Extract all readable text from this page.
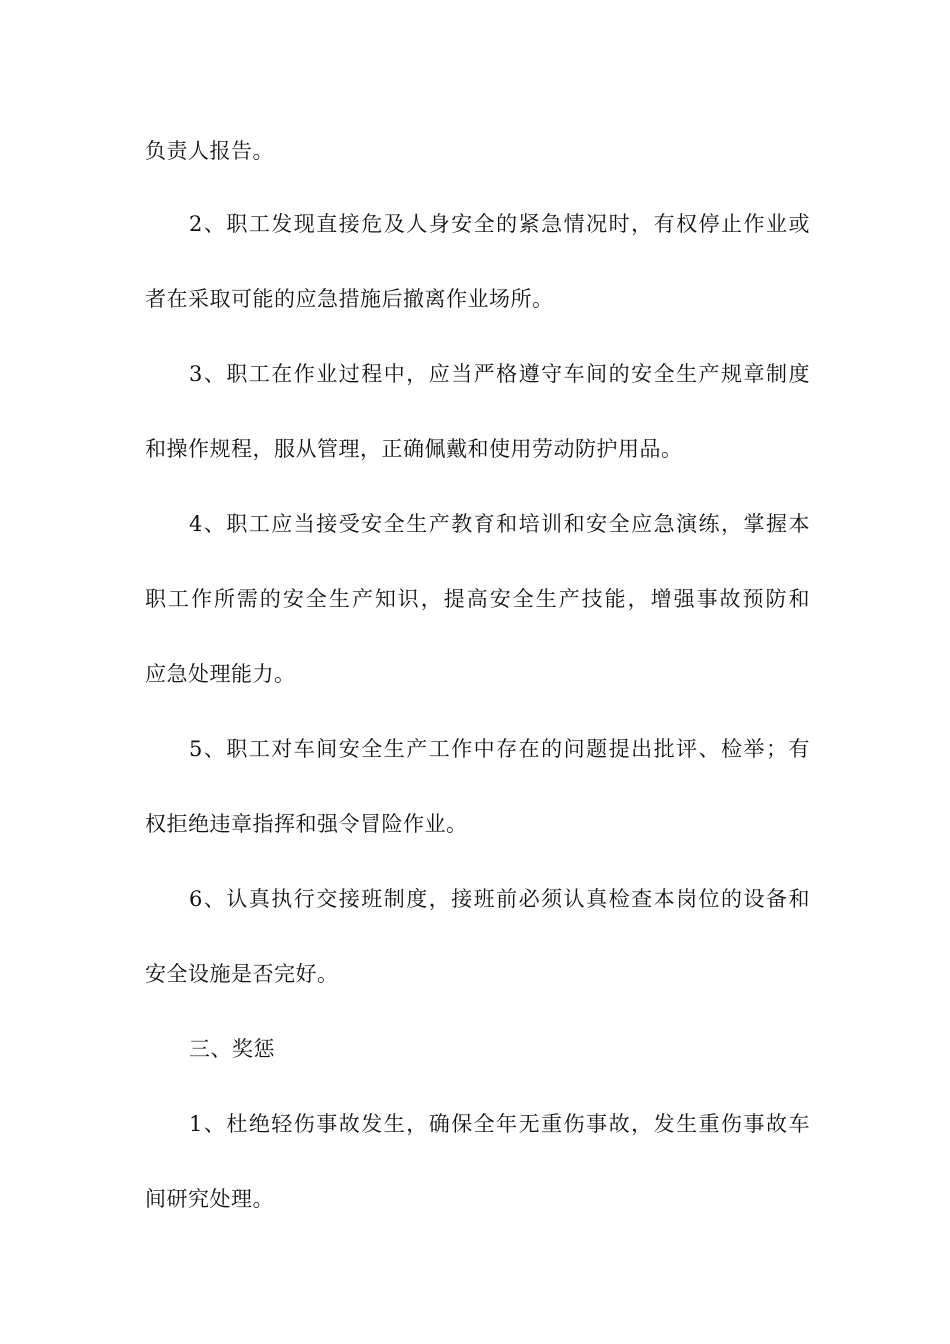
负责人报告。
2、职工发现直接危及人身安全的紧急情况时，有权停止作业或
者在采取可能的应急措施后撤离作业场所。
3、职工在作业过程中，应当严格遵守车间的安全生产规章制度
和操作规程，服从管理，正确佩戴和使用劳动防护用品。
4、职工应当接受安全生产教育和培训和安全应急演练，掌握本
职工作所需的安全生产知识，提高安全生产技能，增强事故预防和
应急处理能力。
5、职工对车间安全生产工作中存在的问题提出批评、检举；有
权拒绝违章指挥和强令冒险作业。
6、认真执行交接班制度，接班前必须认真检查本岗位的设备和
安全设施是否完好。
三、奖惩
1、杜绝轻伤事故发生，确保全年无重伤事故，发生重伤事故车
间研究处理。
